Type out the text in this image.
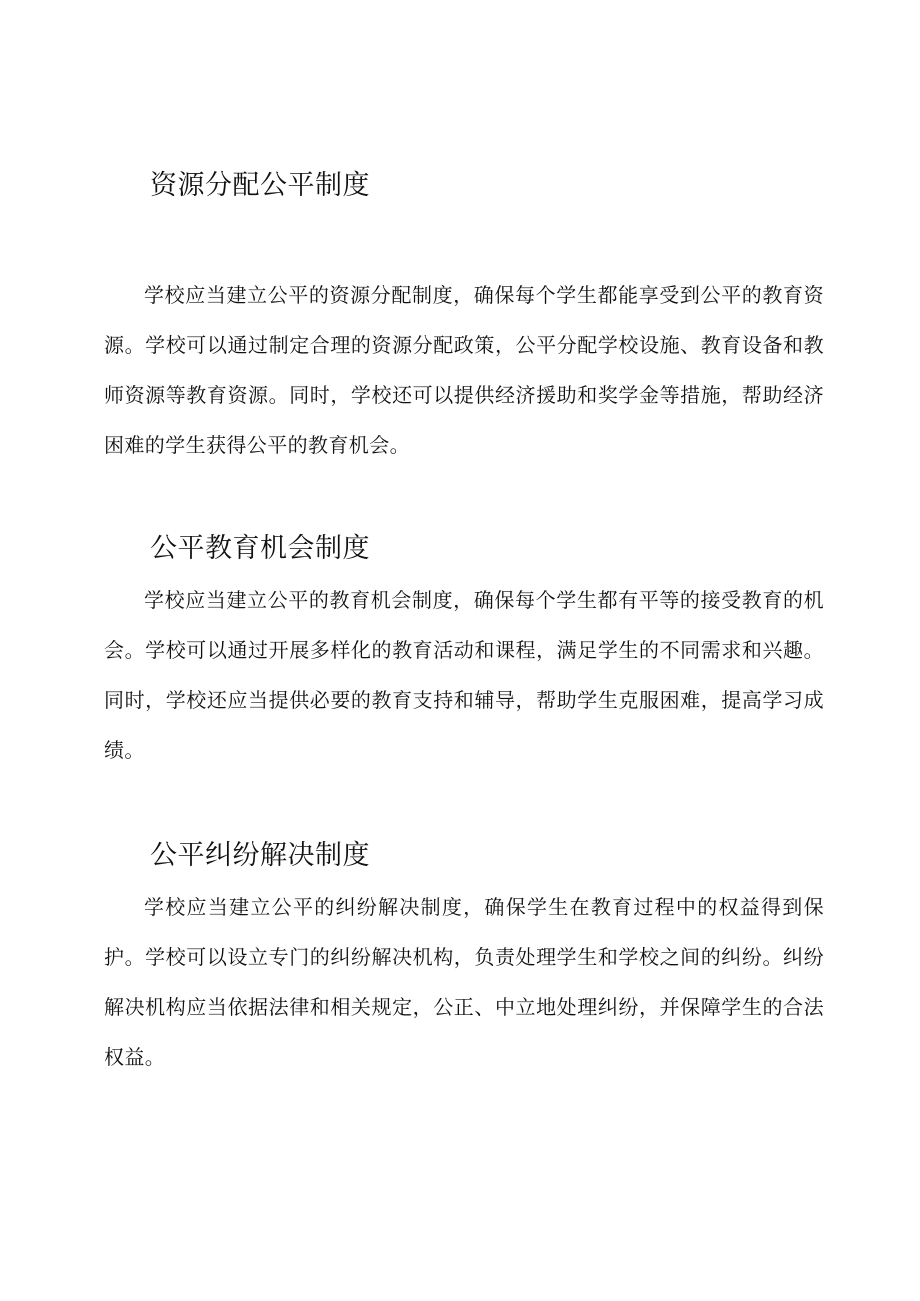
资源分配公平制度

学校应当建立公平的资源分配制度，确保每个学生都能享受到公平的教育资源。学校可以通过制定合理的资源分配政策，公平分配学校设施、教育设备和教师资源等教育资源。同时，学校还可以提供经济援助和奖学金等措施，帮助经济困难的学生获得公平的教育机会。

公平教育机会制度

学校应当建立公平的教育机会制度，确保每个学生都有平等的接受教育的机会。学校可以通过开展多样化的教育活动和课程，满足学生的不同需求和兴趣。同时，学校还应当提供必要的教育支持和辅导，帮助学生克服困难，提高学习成绩。

公平纠纷解决制度

学校应当建立公平的纠纷解决制度，确保学生在教育过程中的权益得到保护。学校可以设立专门的纠纷解决机构，负责处理学生和学校之间的纠纷。纠纷解决机构应当依据法律和相关规定，公正、中立地处理纠纷，并保障学生的合法权益。
